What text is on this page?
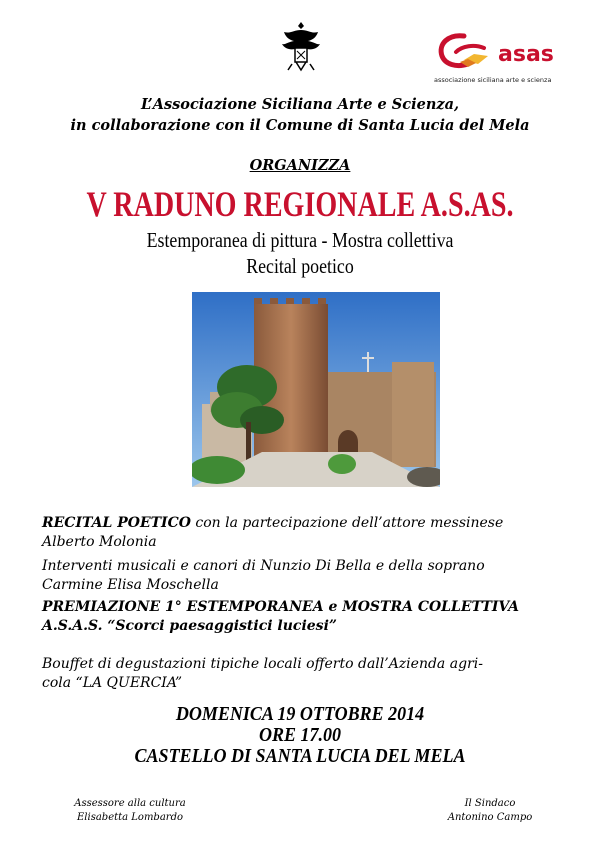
asas
associazione siciliana arte e scienza
L’Associazione Siciliana Arte e Scienza,
in collaborazione con il Comune di Santa Lucia del Mela
ORGANIZZA
V RADUNO REGIONALE A.S.AS.
Estemporanea di pittura - Mostra collettiva
Recital poetico
RECITAL POETICO con la partecipazione dell’attore messinese
Alberto Molonia
Interventi musicali e canori di Nunzio Di Bella e della soprano
Carmine Elisa Moschella
PREMIAZIONE 1° ESTEMPORANEA e MOSTRA COLLETTIVA
A.S.A.S. “Scorci paesaggistici luciesi”
Bouffet di degustazioni tipiche locali offerto dall’Azienda agri-
cola “LA QUERCIA”
DOMENICA 19 OTTOBRE 2014
ORE 17.00
CASTELLO DI SANTA LUCIA DEL MELA
Assessore alla cultura
Elisabetta Lombardo
Il Sindaco
Antonino Campo
